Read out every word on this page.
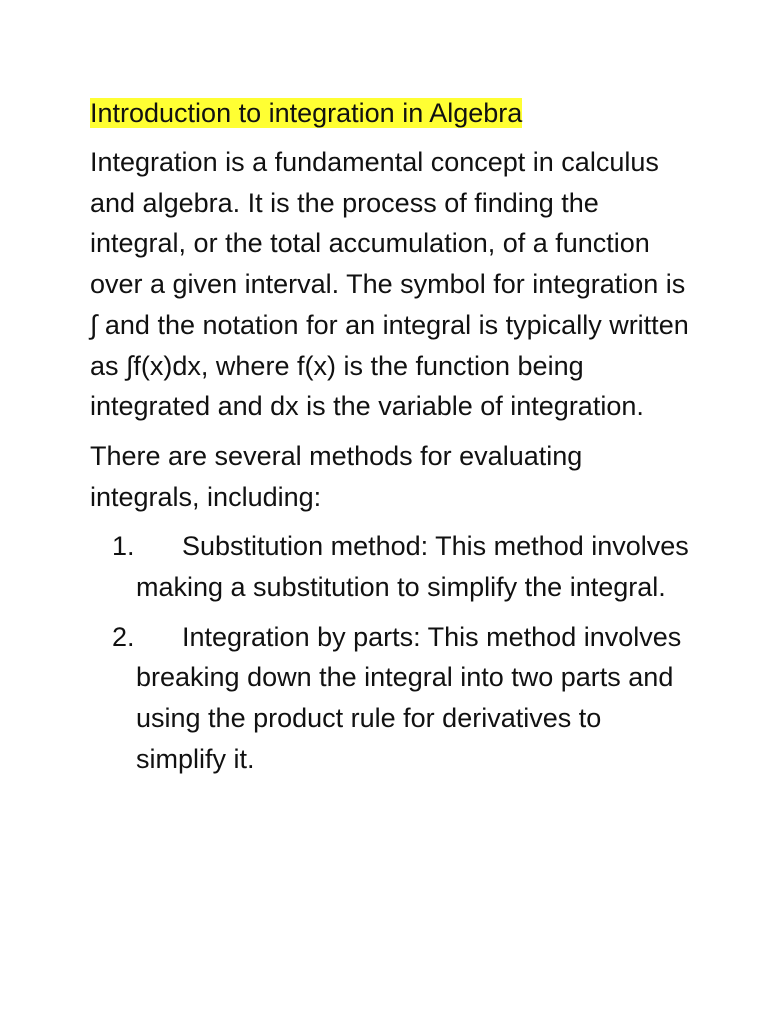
Introduction to integration in Algebra

Integration is a fundamental concept in calculus and algebra. It is the process of finding the integral, or the total accumulation, of a function over a given interval. The symbol for integration is ∫ and the notation for an integral is typically written as ∫f(x)dx, where f(x) is the function being integrated and dx is the variable of integration.

There are several methods for evaluating integrals, including:

1.	Substitution method: This method involves making a substitution to simplify the integral.
2.	Integration by parts: This method involves breaking down the integral into two parts and using the product rule for derivatives to simplify it.
